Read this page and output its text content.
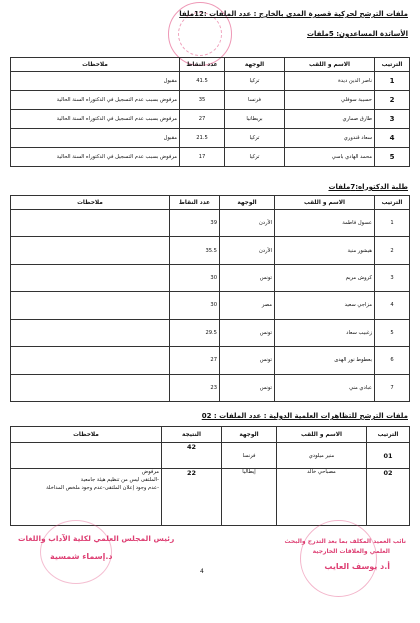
ملفات الترشح لحركية قصيرة المدى بالخارج : عدد الملفات :12ملفا
الأساتذة المساعدون: 5ملفات
الترتيب	الاسم و اللقب	الوجهة	عدد النقاط	ملاحظات
1	ناصر الدين ديدة	تركيا	41.5	مقبول
2	حسيبة سوفلي	فرنسا	35	مرفوض بسبب عدم التسجيل في الدكتوراه السنة الحالية
3	طارق صماري	بريطانيا	27	مرفوض بسبب عدم التسجيل في الدكتوراه السنة الحالية
4	سعاد قندوري	تركيا	21.5	مقبول
5	محمد الهادي باسي	تركيا	17	مرفوض بسبب عدم التسجيل في الدكتوراه السنة الحالية
طلبة الدكتوراه:7ملفات
الترتيب	الاسم و اللقب	الوجهة	عدد النقاط	ملاحظات
1	عسول فاطمة	الأردن	39	
2	هيشور منية	الأردن	35.5	
3	كروش مريم	تونس	30	
4	مزاجي سعيد	مصر	30	
5	زغبيب سعاد	تونس	29.5	
6	بعطوط نور الهدى	تونس	27	
7	عبادي مني	تونس	23	
ملفات الترشح للتظاهرات العلمية الدولية : عدد الملفات : 02
الترتيب	الاسم و اللقب	الوجهة	النتيجة	ملاحظات
01	منير ميلودي	فرنسا	42	
02	مصباحي خالد	إيطاليا	22	مرفوض
-الملتقى ليس من تنظيم هيئة جامعية
-عدم وجود إعلان الملتقى-عدم وجود ملخص المداخلة
رئيس المجلس العلمي لكلية الآداب واللغات
د.إسماء شمسية
نائب العميد المكلف بما بعد التدرج والبحث
العلمي والعلاقات الخارجية
أ.د يوسف العايب
4
